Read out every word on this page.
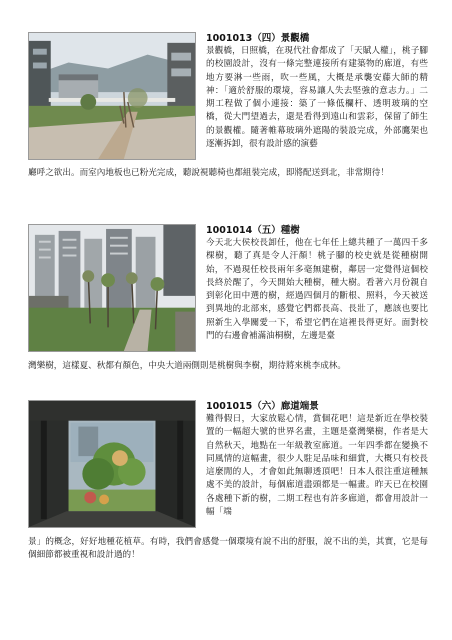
1001013（四）景觀橋

景觀橋，日照橋，在現代社會都成了「天賦人權」，桃子腳的校園設計，沒有一條完整連接所有建築物的廊道，有些地方要淋一些雨，吹一些風，大概是承襲安藤大師的精神：「適於舒服的環境，容易讓人失去堅強的意志力。」二期工程做了個小連接：築了一條低欄杆、透明玻璃的空橋，從大門望過去，還是看得到遠山和雲彩，保留了師生的景觀權。隨著帷幕玻璃外遮陽的裝設完成，外部鷹架也逐漸拆卸，很有設計感的演藝

廳呼之欲出。而室內地板也已粉光完成，聽說視聽椅也都組裝完成，即將配送到北，非常期待！

1001014（五）種樹

今天北大侯校長卸任，他在七年任上總共種了一萬四千多棵樹，聽了真是令人汗顏！桃子腳的校史就是從種樹開始，不過現任校長兩年多毫無建樹，鄰居一定覺得這個校長終於醒了，今天開始大種樹，種大樹。看著六月份親自到彰化田中選的樹，經過四個月的斷根、照料，今天被送到異地的北部來，感覺它們都長高、長壯了，應該也要比照新生入學關愛一下，希望它們在這裡長得更好。面對校門的右邊會補滿油桐樹，左邊是臺

灣樂樹，這樣夏、秋都有顏色，中央大道兩側則是桃樹與李樹，期待將來桃李成林。

1001015（六）廊道端景

難得假日，大家放鬆心情，賞個花吧！這是新近在學校裝置的一幅超大號的世界名畫，主題是臺灣樂樹，作者是大自然秋天，地點在一年級教室廊道。一年四季都在變換不同風情的這幅畫，很少人駐足品味和細賞，大概只有校長這麼閒的人，才會如此無聊透頂吧！日本人很注重這種無處不美的設計，每個廊道盡頭都是一幅畫。昨天已在校園各處種下新的樹，二期工程也有許多廊道，都會用設計一幅「端

景」的概念，好好地種花植草。有時，我們會感覺一個環境有說不出的舒服，說不出的美，其實，它是每個細節都被重視和設計過的！
